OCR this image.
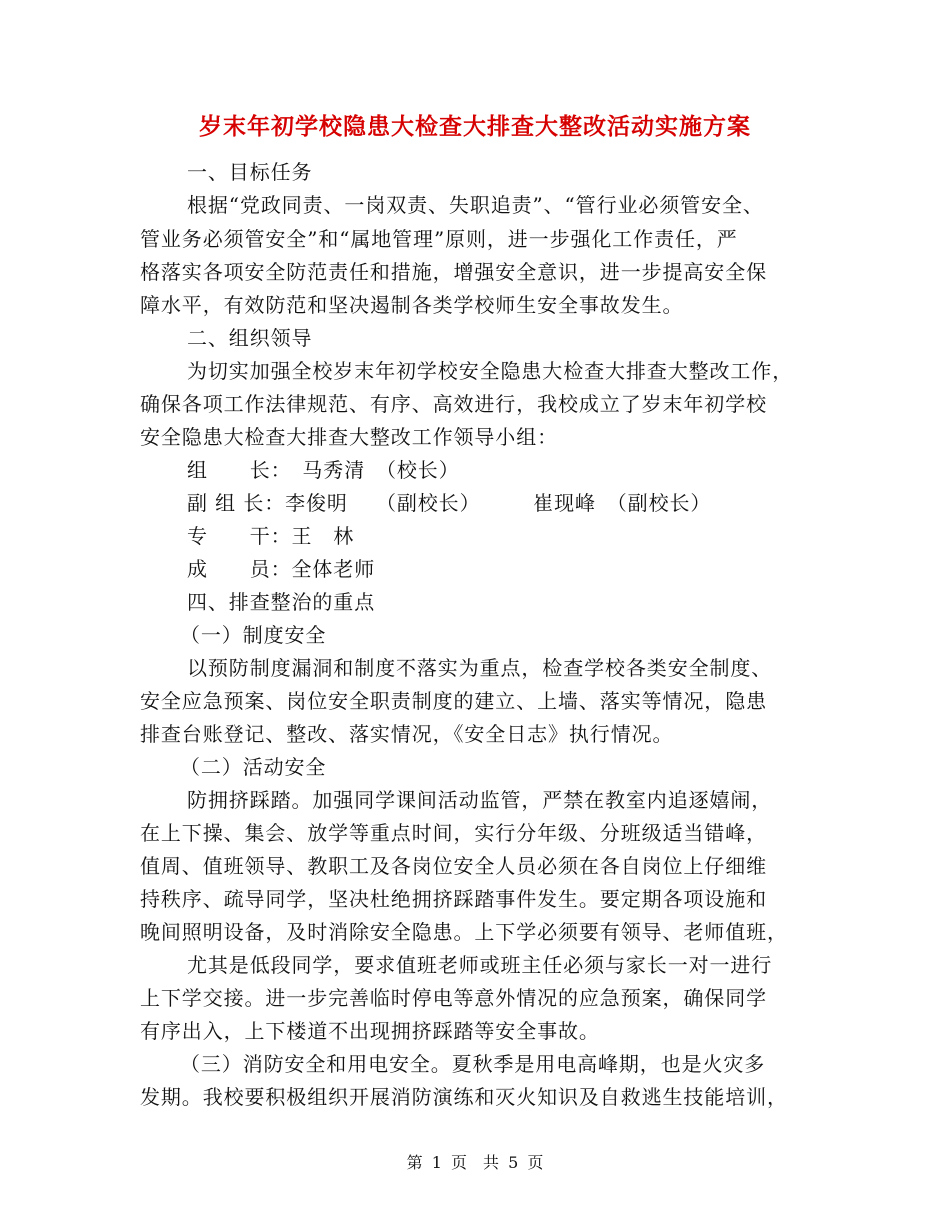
岁末年初学校隐患大检查大排查大整改活动实施方案
一、目标任务
根据“党政同责、一岗双责、失职追责”、“管行业必须管安全、
管业务必须管安全”和“属地管理”原则，进一步强化工作责任，严
格落实各项安全防范责任和措施，增强安全意识，进一步提高安全保
障水平，有效防范和坚决遏制各类学校师生安全事故发生。
二、组织领导
为切实加强全校岁末年初学校安全隐患大检查大排查大整改工作，
确保各项工作法律规范、有序、高效进行，我校成立了岁末年初学校
安全隐患大检查大排查大整改工作领导小组：
组　　长：　马秀清　（校长）
副 组 长：李俊明　 （副校长）　　　崔现峰　（副校长）
专　　干：王　林
成　　员：全体老师
四、排查整治的重点
（一）制度安全
以预防制度漏洞和制度不落实为重点，检查学校各类安全制度、
安全应急预案、岗位安全职责制度的建立、上墙、落实等情况，隐患
排查台账登记、整改、落实情况，《安全日志》执行情况。
（二）活动安全
防拥挤踩踏。加强同学课间活动监管，严禁在教室内追逐嬉闹，
在上下操、集会、放学等重点时间，实行分年级、分班级适当错峰，
值周、值班领导、教职工及各岗位安全人员必须在各自岗位上仔细维
持秩序、疏导同学，坚决杜绝拥挤踩踏事件发生。要定期各项设施和
晚间照明设备，及时消除安全隐患。上下学必须要有领导、老师值班，
尤其是低段同学，要求值班老师或班主任必须与家长一对一进行
上下学交接。进一步完善临时停电等意外情况的应急预案，确保同学
有序出入，上下楼道不出现拥挤踩踏等安全事故。
（三）消防安全和用电安全。夏秋季是用电高峰期，也是火灾多
发期。我校要积极组织开展消防演练和灭火知识及自救逃生技能培训，
第 1 页　共 5 页
